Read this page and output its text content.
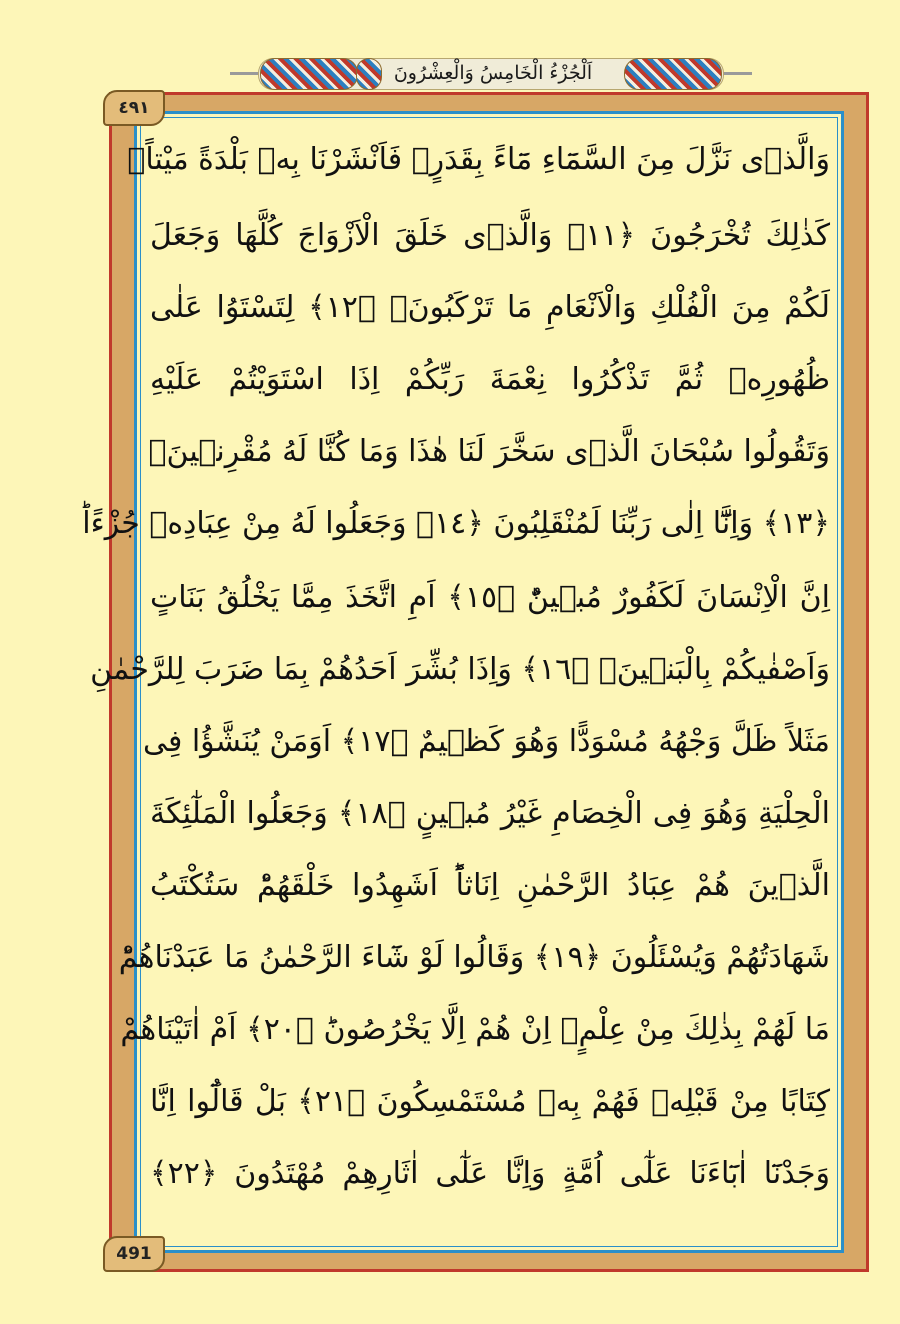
اَلْجُزْءُ الْخَامِسُ وَالْعِشْرُونَ
٤٩١
491
وَالَّذٖى نَزَّلَ مِنَ السَّمَٓاءِ مَٓاءً بِقَدَرٍۚ فَاَنْشَرْنَا بِهٖ بَلْدَةً مَيْتاًۚ
كَذٰلِكَ تُخْرَجُونَ ﴿١١﴾ وَالَّذٖى خَلَقَ الْاَزْوَاجَ كُلَّهَا وَجَعَلَ
لَكُمْ مِنَ الْفُلْكِ وَالْاَنْعَامِ مَا تَرْكَبُونَۙ ﴿١٢﴾ لِتَسْتَوُا عَلٰى
ظُهُورِهٖ ثُمَّ تَذْكُرُوا نِعْمَةَ رَبِّكُمْ اِذَا اسْتَوَيْتُمْ عَلَيْهِ
وَتَقُولُوا سُبْحَانَ الَّذٖى سَخَّرَ لَنَا هٰذَا وَمَا كُنَّا لَهُ مُقْرِنٖينَۙ
﴿١٣﴾ وَاِنَّٓا اِلٰى رَبِّنَا لَمُنْقَلِبُونَ ﴿١٤﴾ وَجَعَلُوا لَهُ مِنْ عِبَادِهٖ جُزْءًاؕ
اِنَّ الْاِنْسَانَ لَكَفُورٌ مُبٖينٌؕ ﴿١٥﴾ اَمِ اتَّخَذَ مِمَّا يَخْلُقُ بَنَاتٍ
وَاَصْفٰيكُمْ بِالْبَنٖينَۚ ﴿١٦﴾ وَاِذَا بُشِّرَ اَحَدُهُمْ بِمَا ضَرَبَ لِلرَّحْمٰنِ
مَثَلاً ظَلَّ وَجْهُهُ مُسْوَدًّا وَهُوَ كَظٖيمٌ ﴿١٧﴾ اَوَمَنْ يُنَشَّؤُا فِى
الْحِلْيَةِ وَهُوَ فِى الْخِصَامِ غَيْرُ مُبٖينٍ ﴿١٨﴾ وَجَعَلُوا الْمَلٰٓئِكَةَ
الَّذٖينَ هُمْ عِبَادُ الرَّحْمٰنِ اِنَاثاًؕ اَشَهِدُوا خَلْقَهُمْؕ سَتُكْتَبُ
شَهَادَتُهُمْ وَيُسْئَلُونَ ﴿١٩﴾ وَقَالُوا لَوْ شَٓاءَ الرَّحْمٰنُ مَا عَبَدْنَاهُمْؕ
مَا لَهُمْ بِذٰلِكَ مِنْ عِلْمٍۗ اِنْ هُمْ اِلَّا يَخْرُصُونَؕ ﴿٢٠﴾ اَمْ اٰتَيْنَاهُمْ
كِتَابًا مِنْ قَبْلِهٖ فَهُمْ بِهٖ مُسْتَمْسِكُونَ ﴿٢١﴾ بَلْ قَالُٓوا اِنَّا
وَجَدْنَٓا اٰبَٓاءَنَا عَلٰٓى اُمَّةٍ وَاِنَّا عَلٰٓى اٰثَارِهِمْ مُهْتَدُونَ ﴿٢٢﴾
